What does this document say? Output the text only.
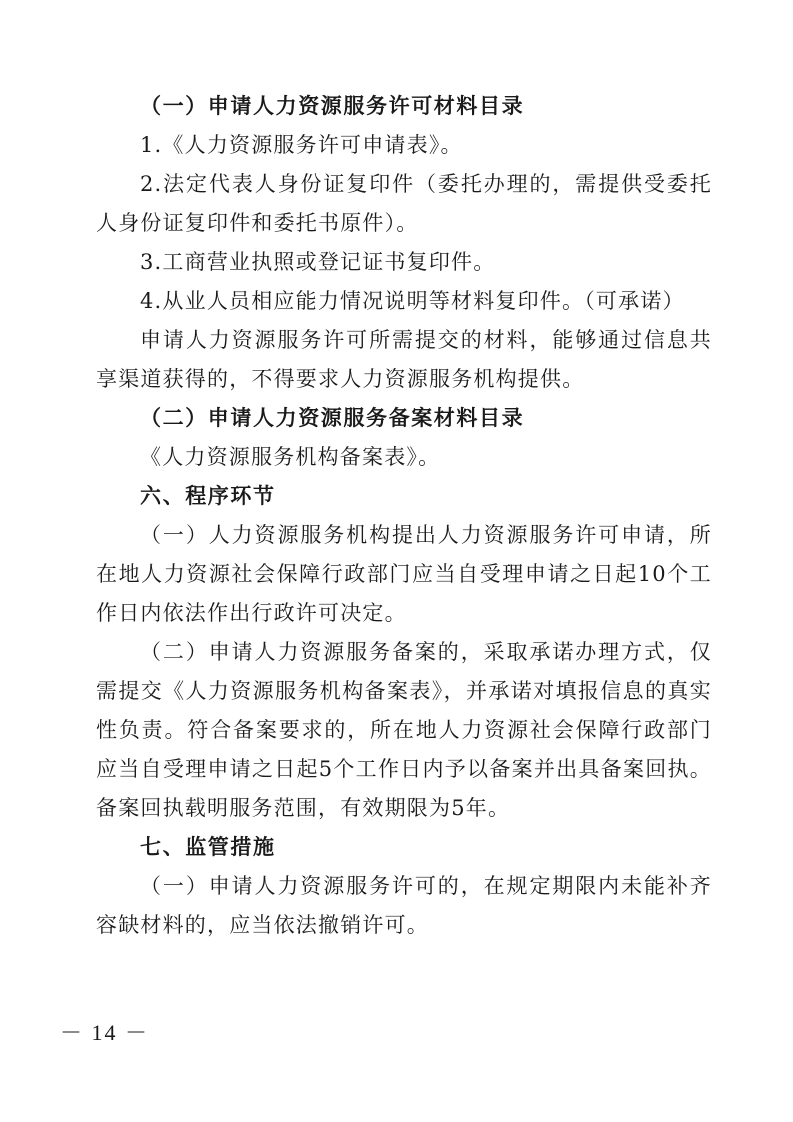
（一）申请人力资源服务许可材料目录

1.《人力资源服务许可申请表》。

2.法定代表人身份证复印件（委托办理的，需提供受委托人身份证复印件和委托书原件）。

3.工商营业执照或登记证书复印件。

4.从业人员相应能力情况说明等材料复印件。（可承诺）

申请人力资源服务许可所需提交的材料，能够通过信息共享渠道获得的，不得要求人力资源服务机构提供。

（二）申请人力资源服务备案材料目录

《人力资源服务机构备案表》。

六、程序环节

（一）人力资源服务机构提出人力资源服务许可申请，所在地人力资源社会保障行政部门应当自受理申请之日起10个工作日内依法作出行政许可决定。

（二）申请人力资源服务备案的，采取承诺办理方式，仅需提交《人力资源服务机构备案表》，并承诺对填报信息的真实性负责。符合备案要求的，所在地人力资源社会保障行政部门应当自受理申请之日起5个工作日内予以备案并出具备案回执。备案回执载明服务范围，有效期限为5年。

七、监管措施

（一）申请人力资源服务许可的，在规定期限内未能补齐容缺材料的，应当依法撤销许可。

－ 14 －
